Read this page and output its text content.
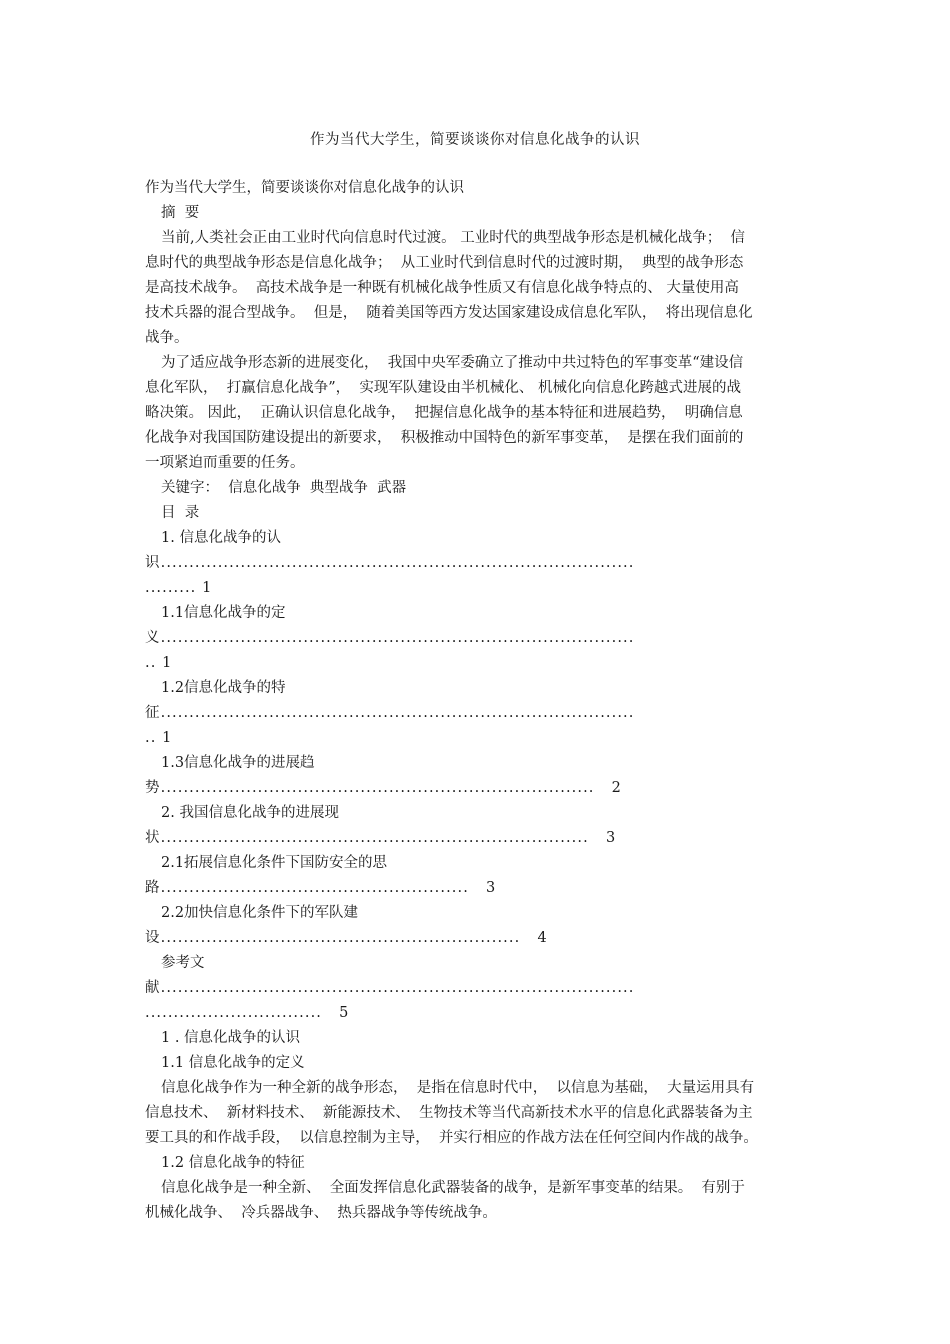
作为当代大学生，简要谈谈你对信息化战争的认识
作为当代大学生，简要谈谈你对信息化战争的认识
摘  要
当前,人类社会正由工业时代向信息时代过渡。 工业时代的典型战争形态是机械化战争；  信
息时代的典型战争形态是信息化战争；  从工业时代到信息时代的过渡时期，  典型的战争形态
是高技术战争。  高技术战争是一种既有机械化战争性质又有信息化战争特点的、 大量使用高
技术兵器的混合型战争。  但是，  随着美国等西方发达国家建设成信息化军队，  将出现信息化
战争。
为了适应战争形态新的进展变化，  我国中央军委确立了推动中共过特色的军事变革“建设信
息化军队，  打赢信息化战争”，  实现军队建设由半机械化、 机械化向信息化跨越式进展的战
略决策。 因此，  正确认识信息化战争，  把握信息化战争的基本特征和进展趋势，  明确信息
化战争对我国国防建设提出的新要求，  积极推动中国特色的新军事变革，  是摆在我们面前的
一项紧迫而重要的任务。
关键字：  信息化战争  典型战争  武器
目  录
1. 信息化战争的认
识...................................................................................
......... 1
1.1信息化战争的定
义...................................................................................
.. 1
1.2信息化战争的特
征...................................................................................
.. 1
1.3信息化战争的进展趋
势............................................................................ 2
2. 我国信息化战争的进展现
状........................................................................... 3
2.1拓展信息化条件下国防安全的思
路...................................................... 3
2.2加快信息化条件下的军队建
设............................................................... 4
参考文
献...................................................................................
............................... 5
1 . 信息化战争的认识
1.1 信息化战争的定义
信息化战争作为一种全新的战争形态，  是指在信息时代中，  以信息为基础，  大量运用具有
信息技术、  新材料技术、  新能源技术、  生物技术等当代高新技术水平的信息化武器装备为主
要工具的和作战手段，  以信息控制为主导，  并实行相应的作战方法在任何空间内作战的战争。
1.2 信息化战争的特征
信息化战争是一种全新、  全面发挥信息化武器装备的战争，是新军事变革的结果。  有别于
机械化战争、  冷兵器战争、  热兵器战争等传统战争。
